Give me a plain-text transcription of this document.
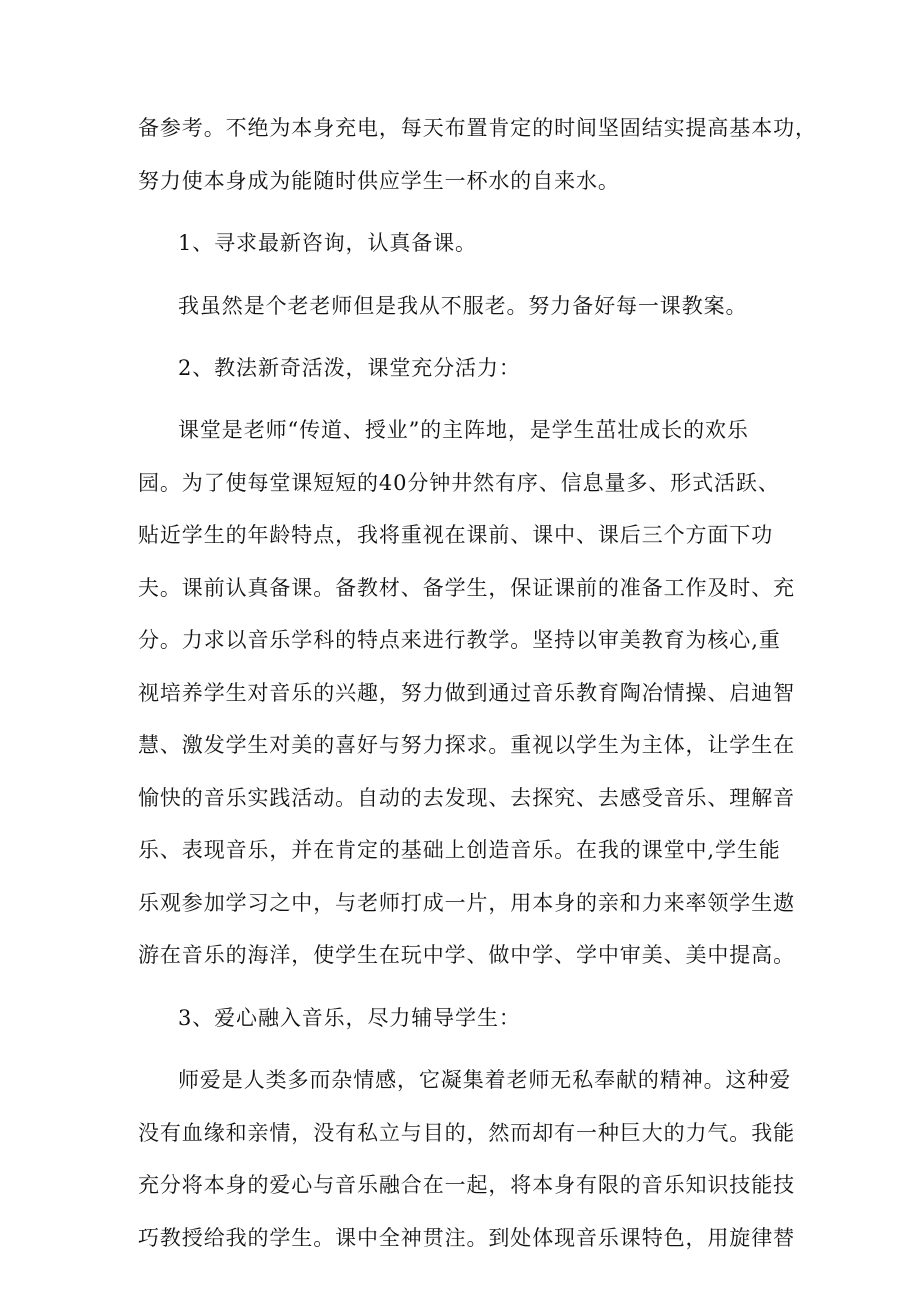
备参考。不绝为本身充电，每天布置肯定的时间坚固结实提高基本功，
努力使本身成为能随时供应学生一杯水的自来水。
1、寻求最新咨询，认真备课。
我虽然是个老老师但是我从不服老。努力备好每一课教案。
2、教法新奇活泼，课堂充分活力：
课堂是老师“传道、授业”的主阵地，是学生茁壮成长的欢乐
园。为了使每堂课短短的40分钟井然有序、信息量多、形式活跃、
贴近学生的年龄特点，我将重视在课前、课中、课后三个方面下功
夫。课前认真备课。备教材、备学生，保证课前的准备工作及时、充
分。力求以音乐学科的特点来进行教学。坚持以审美教育为核心,重
视培养学生对音乐的兴趣，努力做到通过音乐教育陶冶情操、启迪智
慧、激发学生对美的喜好与努力探求。重视以学生为主体，让学生在
愉快的音乐实践活动。自动的去发现、去探究、去感受音乐、理解音
乐、表现音乐，并在肯定的基础上创造音乐。在我的课堂中,学生能
乐观参加学习之中，与老师打成一片，用本身的亲和力来率领学生遨
游在音乐的海洋，使学生在玩中学、做中学、学中审美、美中提高。
3、爱心融入音乐，尽力辅导学生：
师爱是人类多而杂情感，它凝集着老师无私奉献的精神。这种爱
没有血缘和亲情，没有私立与目的，然而却有一种巨大的力气。我能
充分将本身的爱心与音乐融合在一起，将本身有限的音乐知识技能技
巧教授给我的学生。课中全神贯注。到处体现音乐课特色，用旋律替
